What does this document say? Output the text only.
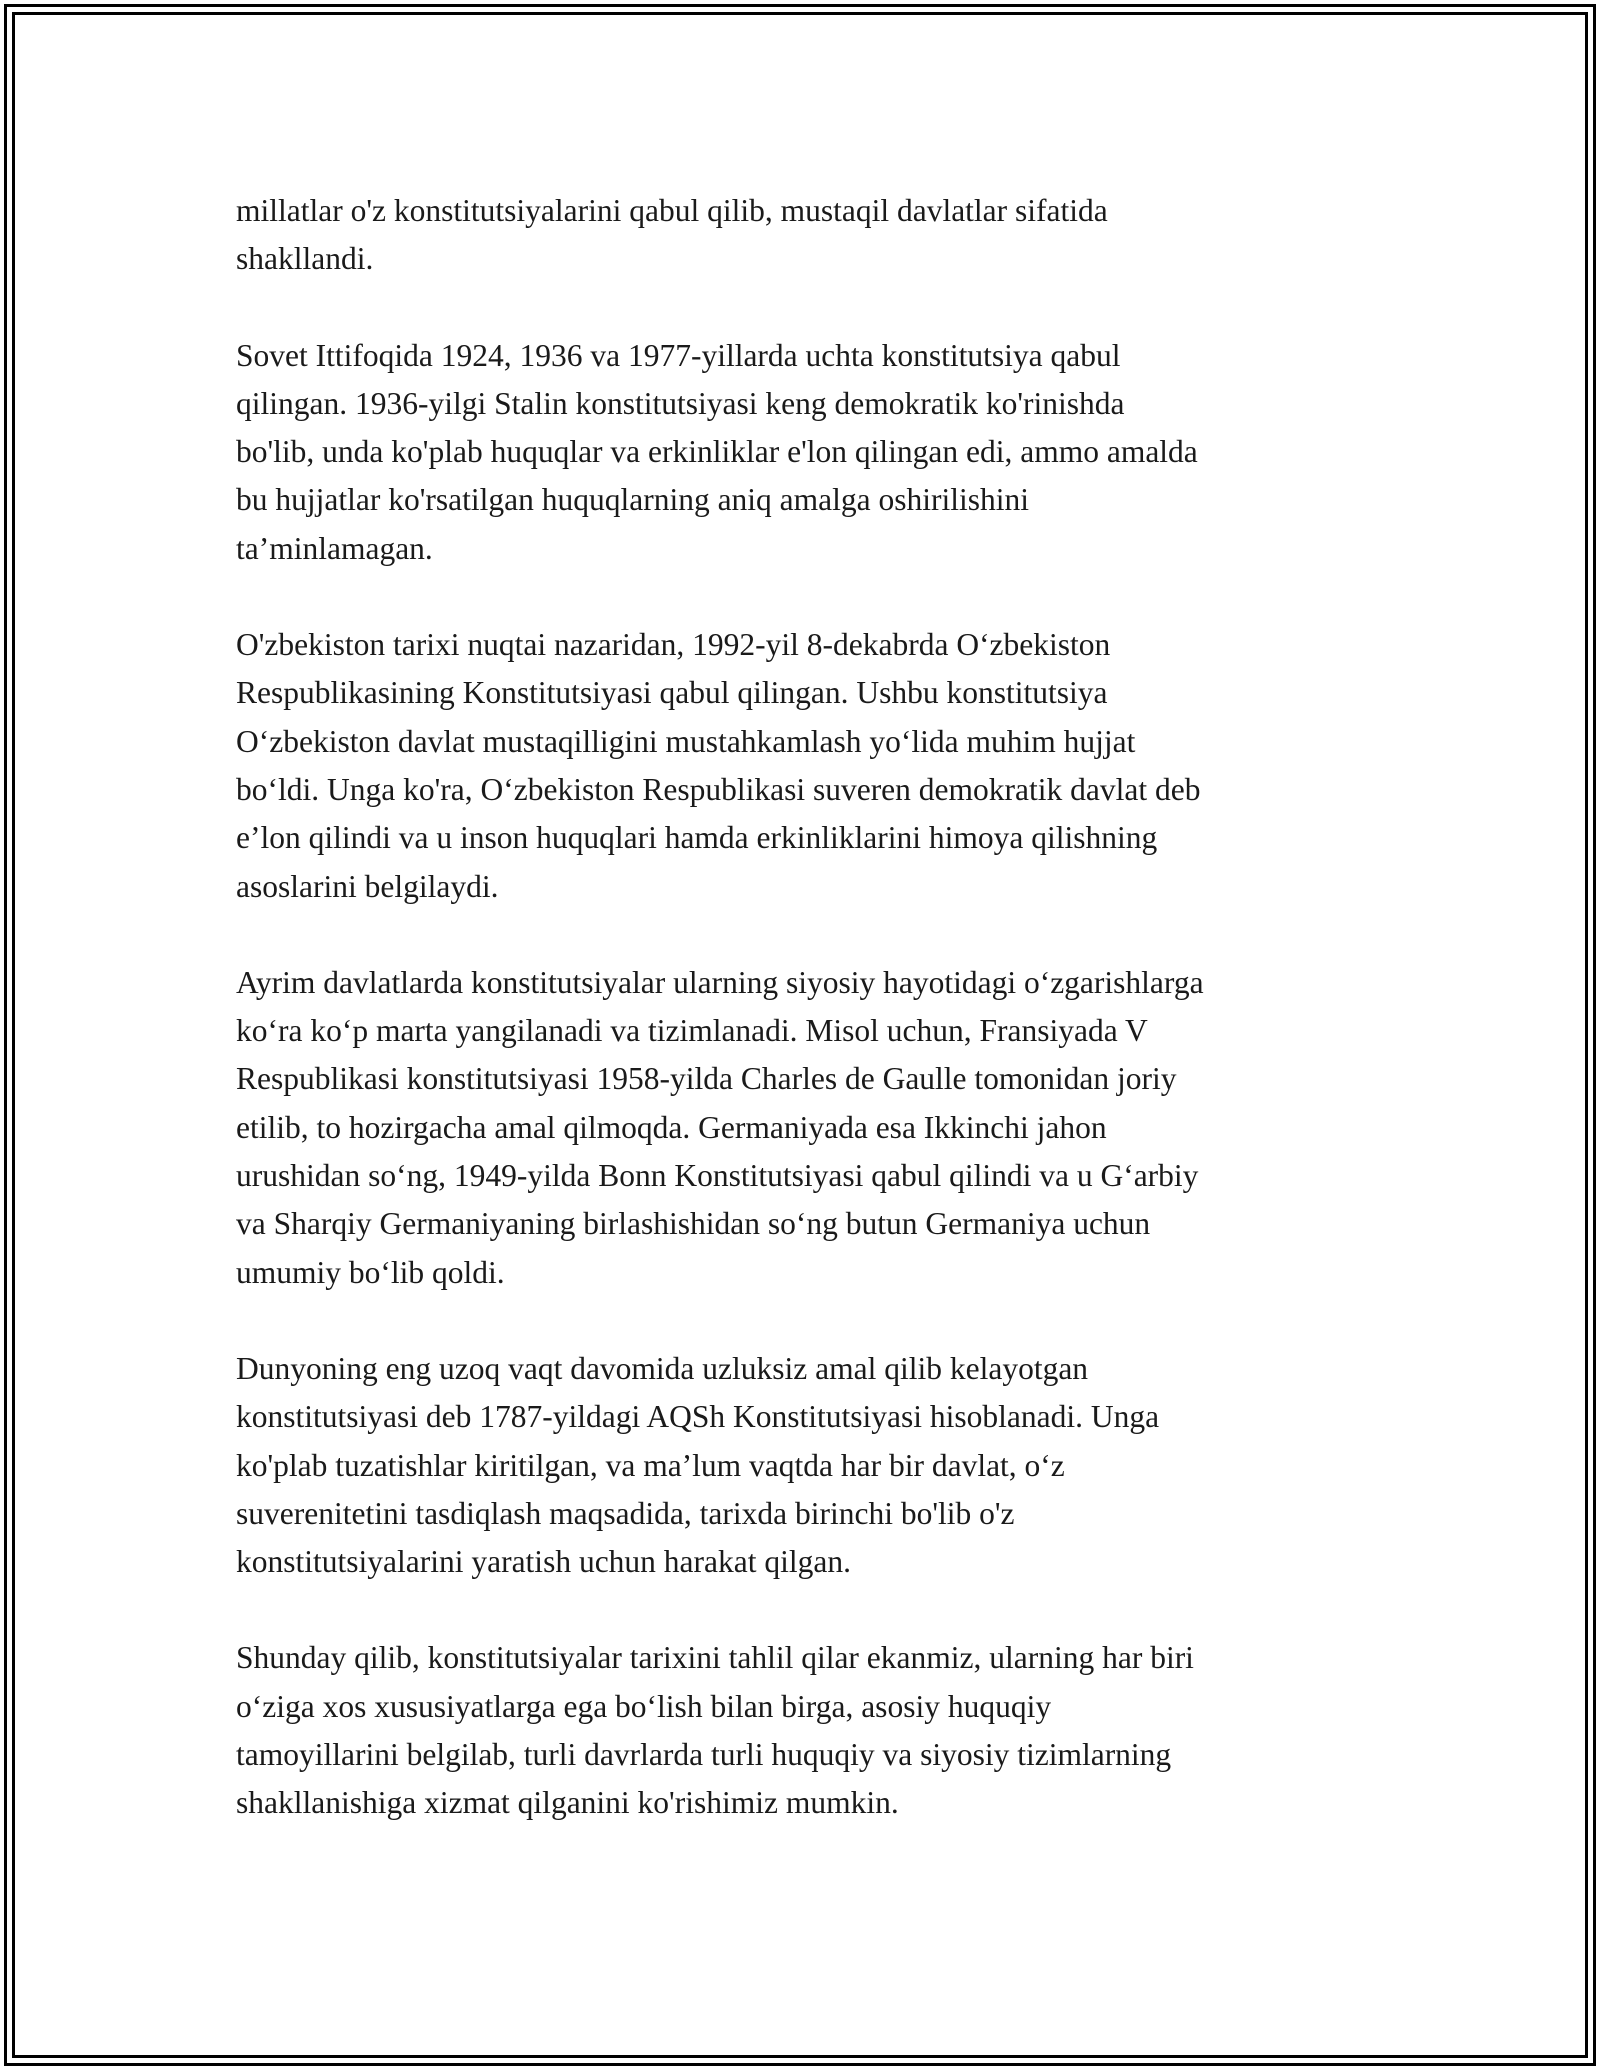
millatlar o'z konstitutsiyalarini qabul qilib, mustaqil davlatlar sifatida
shakllandi.

Sovet Ittifoqida 1924, 1936 va 1977-yillarda uchta konstitutsiya qabul
qilingan. 1936-yilgi Stalin konstitutsiyasi keng demokratik ko'rinishda
bo'lib, unda ko'plab huquqlar va erkinliklar e'lon qilingan edi, ammo amalda
bu hujjatlar ko'rsatilgan huquqlarning aniq amalga oshirilishini
ta’minlamagan.

O'zbekiston tarixi nuqtai nazaridan, 1992-yil 8-dekabrda O‘zbekiston
Respublikasining Konstitutsiyasi qabul qilingan. Ushbu konstitutsiya
O‘zbekiston davlat mustaqilligini mustahkamlash yo‘lida muhim hujjat
bo‘ldi. Unga ko'ra, O‘zbekiston Respublikasi suveren demokratik davlat deb
e’lon qilindi va u inson huquqlari hamda erkinliklarini himoya qilishning
asoslarini belgilaydi.

Ayrim davlatlarda konstitutsiyalar ularning siyosiy hayotidagi o‘zgarishlarga
ko‘ra ko‘p marta yangilanadi va tizimlanadi. Misol uchun, Fransiyada V
Respublikasi konstitutsiyasi 1958-yilda Charles de Gaulle tomonidan joriy
etilib, to hozirgacha amal qilmoqda. Germaniyada esa Ikkinchi jahon
urushidan so‘ng, 1949-yilda Bonn Konstitutsiyasi qabul qilindi va u G‘arbiy
va Sharqiy Germaniyaning birlashishidan so‘ng butun Germaniya uchun
umumiy bo‘lib qoldi.

Dunyoning eng uzoq vaqt davomida uzluksiz amal qilib kelayotgan
konstitutsiyasi deb 1787-yildagi AQSh Konstitutsiyasi hisoblanadi. Unga
ko'plab tuzatishlar kiritilgan, va ma’lum vaqtda har bir davlat, o‘z
suverenitetini tasdiqlash maqsadida, tarixda birinchi bo'lib o'z
konstitutsiyalarini yaratish uchun harakat qilgan.

Shunday qilib, konstitutsiyalar tarixini tahlil qilar ekanmiz, ularning har biri
o‘ziga xos xususiyatlarga ega bo‘lish bilan birga, asosiy huquqiy
tamoyillarini belgilab, turli davrlarda turli huquqiy va siyosiy tizimlarning
shakllanishiga xizmat qilganini ko'rishimiz mumkin.
